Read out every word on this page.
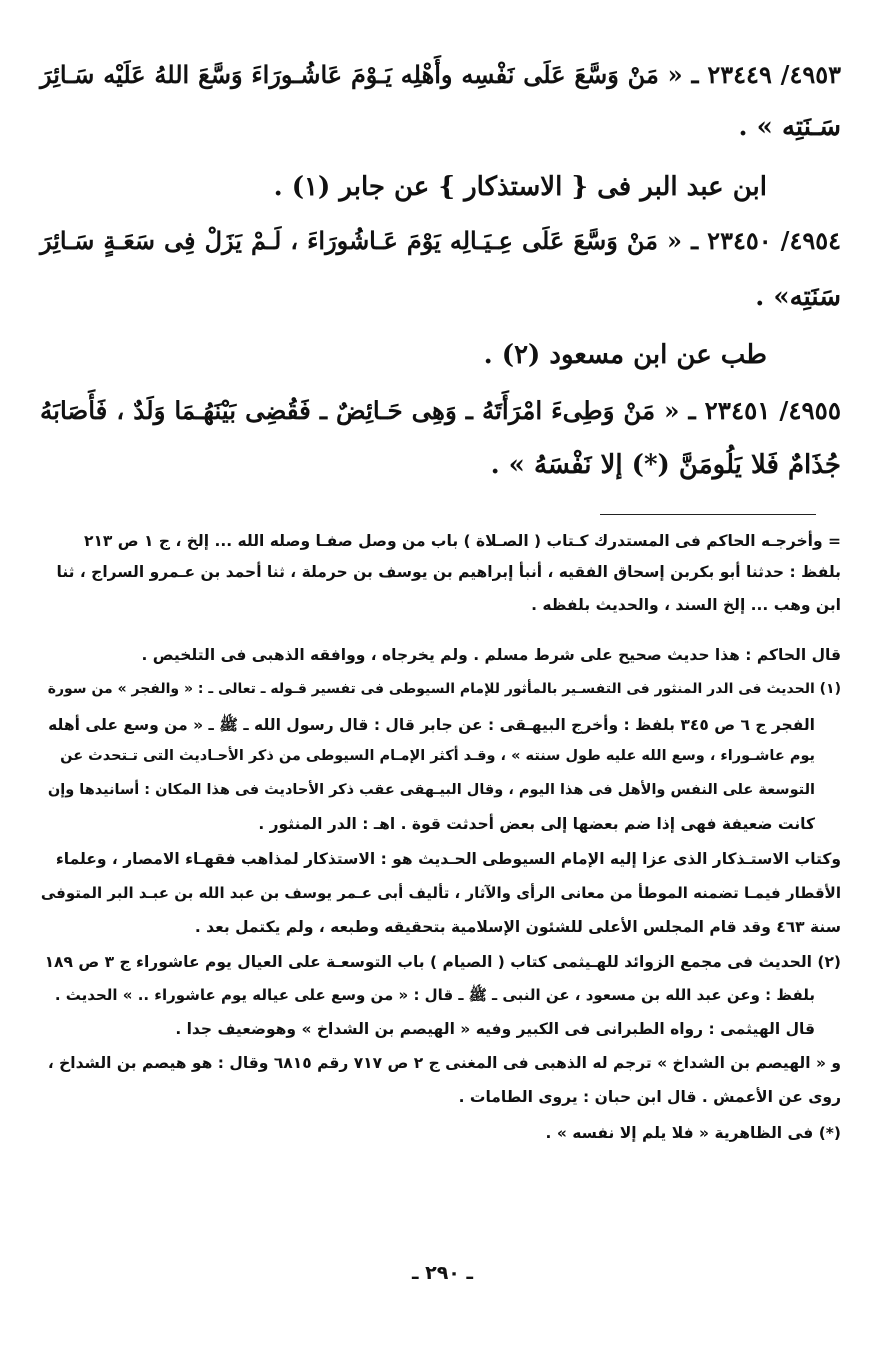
٤٩٥٣/ ٢٣٤٤٩ ـ « مَنْ وَسَّعَ عَلَى نَفْسِه وأَهْلِه يَـوْمَ عَاشُـورَاءَ وَسَّعَ اللهُ عَلَيْه سَـائِرَ
سَـنَتِه » .
ابن عبد البر فى { الاستذكار } عن جابر (١) .
٤٩٥٤/ ٢٣٤٥٠ ـ « مَنْ وَسَّعَ عَلَى عِـيَـالِه يَوْمَ عَـاشُورَاءَ ، لَـمْ يَزَلْ فِى سَعَـةٍ سَـائِرَ
سَنَتِه» .
طب عن ابن مسعود (٢) .
٤٩٥٥/ ٢٣٤٥١ ـ « مَنْ وَطِىءَ امْرَأَتَهُ ـ وَهِى حَـائِضٌ ـ فَقُضِى بَيْنَهُـمَا وَلَدٌ ، فَأَصَابَهُ
جُذَامٌ فَلا يَلُومَنَّ (*) إلا نَفْسَهُ » .
= وأخرجـه الحاكم فى المستدرك كـتاب ( الصـلاة ) باب من وصل صفـا وصله الله ... إلخ ، ج ١ ص ٢١٣
بلفظ : حدثنا أبو بكربن إسحاق الفقيه ، أنبأ إبراهيم بن يوسف بن حرملة ، ثنا أحمد بن عـمرو السراج ، ثنا
ابن وهب ... إلخ السند ، والحديث بلفظه .
قال الحاكم : هذا حديث صحيح على شرط مسلم . ولم يخرجاه ، ووافقه الذهبى فى التلخيص .
(١) الحديث فى الدر المنثور فى التفسـير بالمأثور للإمام السيوطى فى تفسير قـوله ـ تعالى ـ : « والفجر » من سورة
الفجر ج ٦ ص ٣٤٥ بلفظ : وأخرج البيهـقى : عن جابر قال : قال رسول الله ـ ﷺ ـ « من وسع على أهله
يوم عاشـوراء ، وسع الله عليه طول سنته » ، وقـد أكثر الإمـام السيوطى من ذكر الأحـاديث التى تـتحدث عن
التوسعة على النفس والأهل فى هذا اليوم ، وقال البيـهقى عقب ذكر الأحاديث فى هذا المكان : أسانيدها وإن
كانت ضعيفة فهى إذا ضم بعضها إلى بعض أحدثت قوة . اهـ : الدر المنثور .
وكتاب الاستـذكار الذى عزا إليه الإمام السيوطى الحـديث هو : الاستذكار لمذاهب فقهـاء الامصار ، وعلماء
الأقطار فيمـا تضمنه الموطأ من معانى الرأى والآثار ، تأليف أبى عـمر يوسف بن عبد الله بن عبـد البر المتوفى
سنة ٤٦٣ وقد قام المجلس الأعلى للشئون الإسلامية بتحقيقه وطبعه ، ولم يكتمل بعد .
(٢) الحديث فى مجمع الزوائد للهـيثمى كتاب ( الصيام ) باب التوسعـة على العيال يوم عاشوراء ج ٣ ص ١٨٩
بلفظ : وعن عبد الله بن مسعود ، عن النبى ـ ﷺ ـ قال : « من وسع على عياله يوم عاشوراء .. » الحديث .
قال الهيثمى : رواه الطبرانى فى الكبير وفيه « الهيصم بن الشداخ » وهوضعيف جدا .
و « الهيصم بن الشداخ » ترجم له الذهبى فى المغنى ج ٢ ص ٧١٧ رقم ٦٨١٥ وقال : هو هيصم بن الشداخ ،
روى عن الأعمش . قال ابن حبان : يروى الطامات .
(*) فى الظاهرية « فلا يلم إلا نفسه » .
ـ ٢٩٠ ـ
